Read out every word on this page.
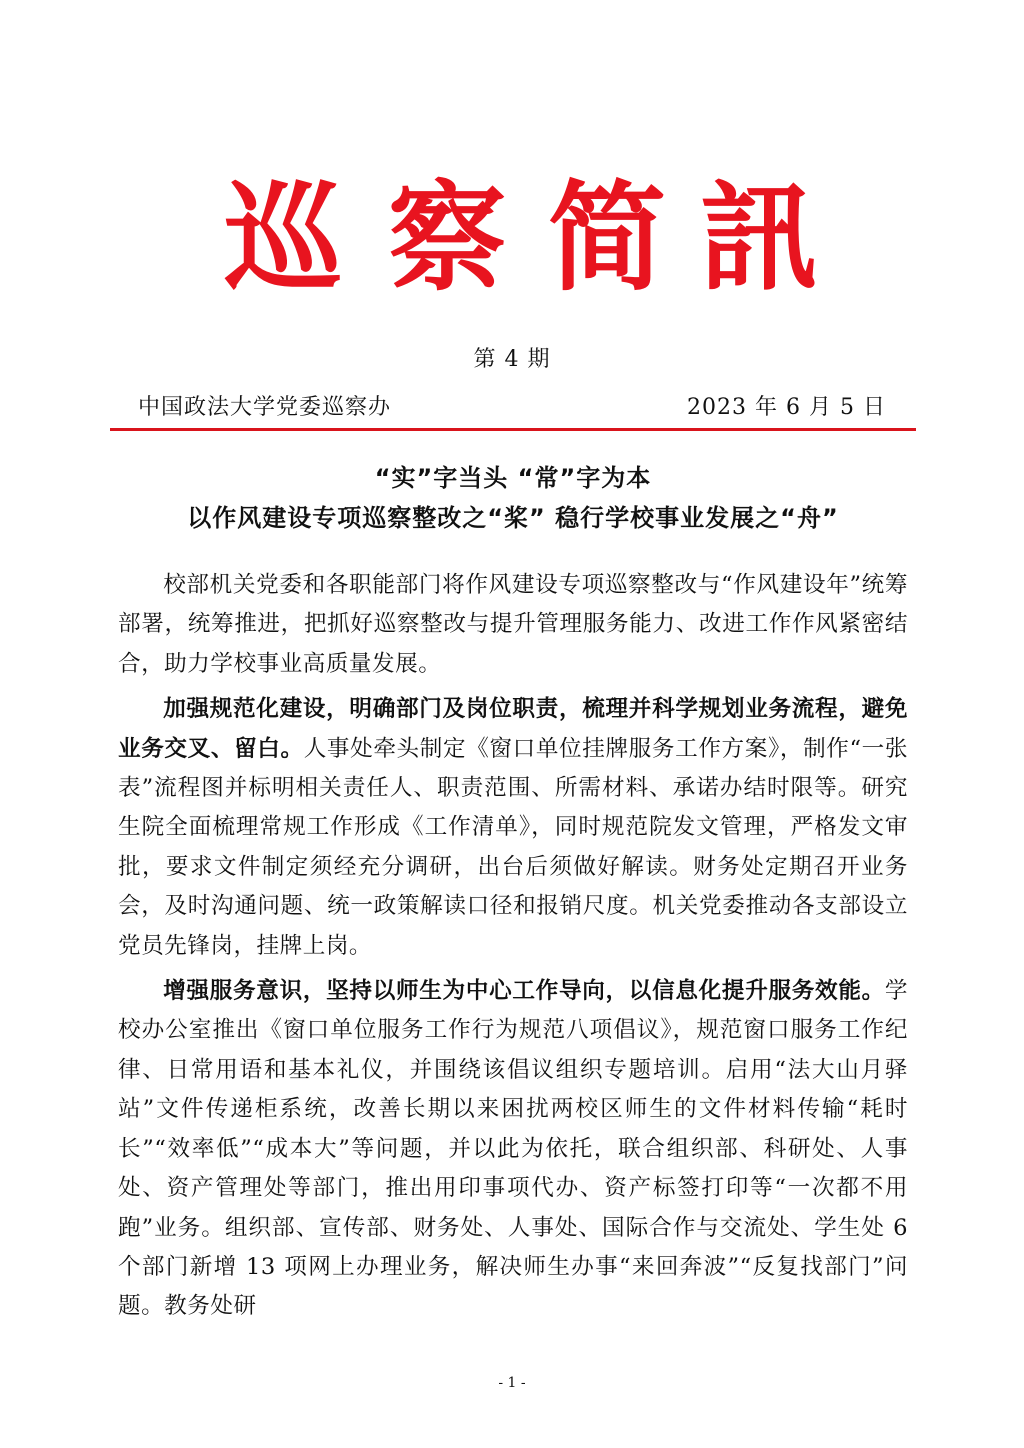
巡 察 简 訊
第 4 期
中国政法大学党委巡察办	2023 年 6 月 5 日
“实”字当头 “常”字为本
以作风建设专项巡察整改之“桨” 稳行学校事业发展之“舟”

校部机关党委和各职能部门将作风建设专项巡察整改与“作风建设年”统筹部署，统筹推进，把抓好巡察整改与提升管理服务能力、改进工作作风紧密结合，助力学校事业高质量发展。

加强规范化建设，明确部门及岗位职责，梳理并科学规划业务流程，避免业务交叉、留白。人事处牵头制定《窗口单位挂牌服务工作方案》，制作“一张表”流程图并标明相关责任人、职责范围、所需材料、承诺办结时限等。研究生院全面梳理常规工作形成《工作清单》，同时规范院发文管理，严格发文审批，要求文件制定须经充分调研，出台后须做好解读。财务处定期召开业务会，及时沟通问题、统一政策解读口径和报销尺度。机关党委推动各支部设立党员先锋岗，挂牌上岗。

增强服务意识，坚持以师生为中心工作导向，以信息化提升服务效能。学校办公室推出《窗口单位服务工作行为规范八项倡议》，规范窗口服务工作纪律、日常用语和基本礼仪，并围绕该倡议组织专题培训。启用“法大山月驿站”文件传递柜系统，改善长期以来困扰两校区师生的文件材料传输“耗时长”“效率低”“成本大”等问题，并以此为依托，联合组织部、科研处、人事处、资产管理处等部门，推出用印事项代办、资产标签打印等“一次都不用跑”业务。组织部、宣传部、财务处、人事处、国际合作与交流处、学生处 6 个部门新增 13 项网上办理业务，解决师生办事“来回奔波”“反复找部门”问题。教务处研

- 1 -
